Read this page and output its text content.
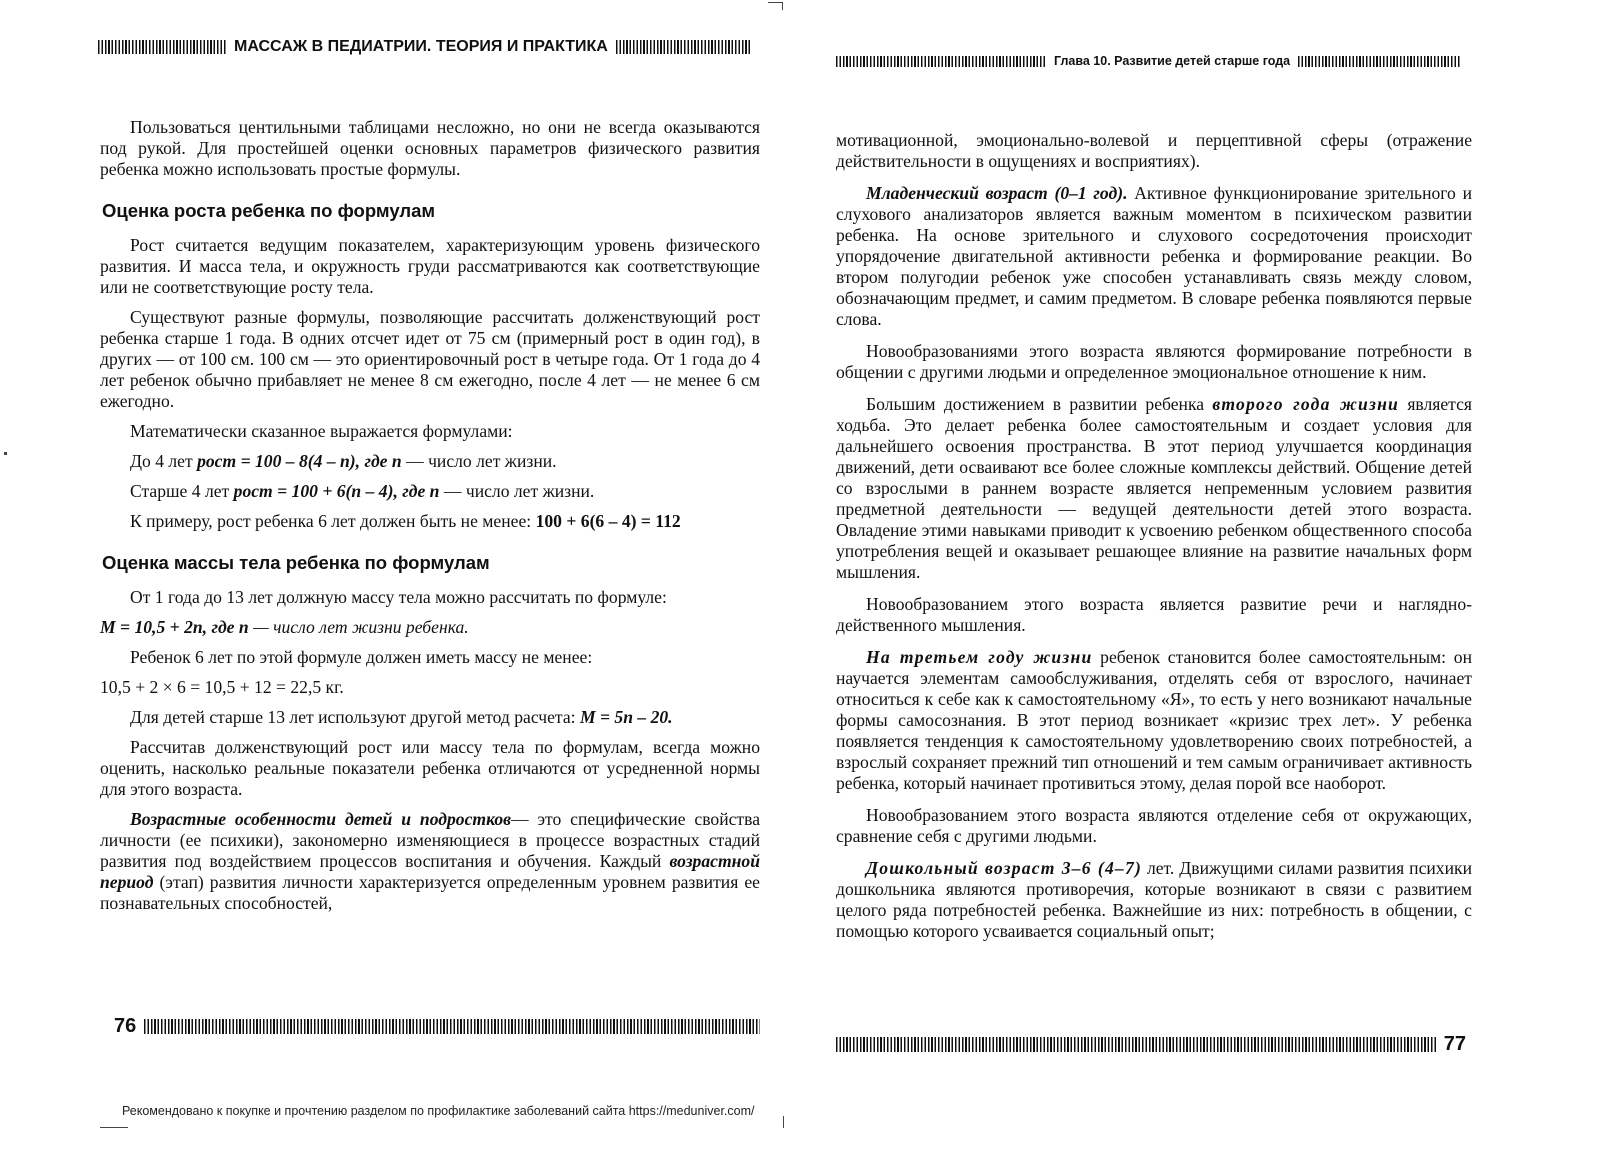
МАССАЖ В ПЕДИАТРИИ. ТЕОРИЯ И ПРАКТИКА

Пользоваться центильными таблицами несложно, но они не всегда оказываются под рукой. Для простейшей оценки основных параметров физического развития ребенка можно использовать простые формулы.

Оценка роста ребенка по формулам

Рост считается ведущим показателем, характеризующим уровень физического развития. И масса тела, и окружность груди рассматриваются как соответствующие или не соответствующие росту тела.

Существуют разные формулы, позволяющие рассчитать долженствующий рост ребенка старше 1 года. В одних отсчет идет от 75 см (примерный рост в один год), в других — от 100 см. 100 см — это ориентировочный рост в четыре года. От 1 года до 4 лет ребенок обычно прибавляет не менее 8 см ежегодно, после 4 лет — не менее 6 см ежегодно.

Математически сказанное выражается формулами:

До 4 лет рост = 100 – 8(4 – n), где n — число лет жизни.

Старше 4 лет рост = 100 + 6(n – 4), где n — число лет жизни.

К примеру, рост ребенка 6 лет должен быть не менее: 100 + 6(6 – 4) = 112

Оценка массы тела ребенка по формулам

От 1 года до 13 лет должную массу тела можно рассчитать по формуле:

M = 10,5 + 2n, где n — число лет жизни ребенка.

Ребенок 6 лет по этой формуле должен иметь массу не менее:

10,5 + 2 × 6 = 10,5 + 12 = 22,5 кг.

Для детей старше 13 лет используют другой метод расчета: M = 5n – 20.

Рассчитав долженствующий рост или массу тела по формулам, всегда можно оценить, насколько реальные показатели ребенка отличаются от усредненной нормы для этого возраста.

Возрастные особенности детей и подростков— это специфические свойства личности (ее психики), закономерно изменяющиеся в процессе возрастных стадий развития под воздействием процессов воспитания и обучения. Каждый возрастной период (этап) развития личности характеризуется определенным уровнем развития ее познавательных способностей,

76
Глава 10. Развитие детей старше года

мотивационной, эмоционально-волевой и перцептивной сферы (отражение действительности в ощущениях и восприятиях).

Младенческий возраст (0–1 год). Активное функционирование зрительного и слухового анализаторов является важным моментом в психическом развитии ребенка. На основе зрительного и слухового сосредоточения происходит упорядочение двигательной активности ребенка и формирование реакции. Во втором полугодии ребенок уже способен устанавливать связь между словом, обозначающим предмет, и самим предметом. В словаре ребенка появляются первые слова.

Новообразованиями этого возраста являются формирование потребности в общении с другими людьми и определенное эмоциональное отношение к ним.

Большим достижением в развитии ребенка второго года жизни является ходьба. Это делает ребенка более самостоятельным и создает условия для дальнейшего освоения пространства. В этот период улучшается координация движений, дети осваивают все более сложные комплексы действий. Общение детей со взрослыми в раннем возрасте является непременным условием развития предметной деятельности — ведущей деятельности детей этого возраста. Овладение этими навыками приводит к усвоению ребенком общественного способа употребления вещей и оказывает решающее влияние на развитие начальных форм мышления.

Новообразованием этого возраста является развитие речи и наглядно-действенного мышления.

На третьем году жизни ребенок становится более самостоятельным: он научается элементам самообслуживания, отделять себя от взрослого, начинает относиться к себе как к самостоятельному «Я», то есть у него возникают начальные формы самосознания. В этот период возникает «кризис трех лет». У ребенка появляется тенденция к самостоятельному удовлетворению своих потребностей, а взрослый сохраняет прежний тип отношений и тем самым ограничивает активность ребенка, который начинает противиться этому, делая порой все наоборот.

Новообразованием этого возраста являются отделение себя от окружающих, сравнение себя с другими людьми.

Дошкольный возраст 3–6 (4–7) лет. Движущими силами развития психики дошкольника являются противоречия, которые возникают в связи с развитием целого ряда потребностей ребенка. Важнейшие из них: потребность в общении, с помощью которого усваивается социальный опыт;

77
Рекомендовано к покупке и прочтению разделом по профилактике заболеваний сайта https://meduniver.com/
